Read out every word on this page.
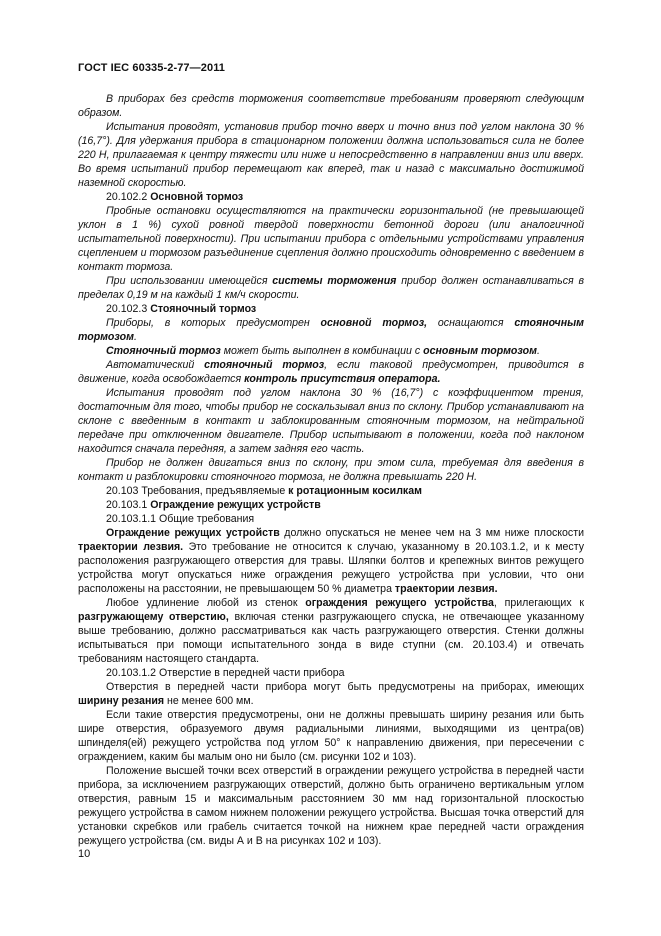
ГОСТ IEC 60335-2-77—2011

В приборах без средств торможения соответствие требованиям проверяют следующим образом.

Испытания проводят, установив прибор точно вверх и точно вниз под углом наклона 30 % (16,7°). Для удержания прибора в стационарном положении должна использоваться сила не более 220 Н, прилагаемая к центру тяжести или ниже и непосредственно в направлении вниз или вверх. Во время испытаний прибор перемещают как вперед, так и назад с максимально достижимой наземной скоростью.

20.102.2 Основной тормоз

Пробные остановки осуществляются на практически горизонтальной (не превышающей уклон в 1 %) сухой ровной твердой поверхности бетонной дороги (или аналогичной испытательной поверхности). При испытании прибора с отдельными устройствами управления сцеплением и тормозом разъединение сцепления должно происходить одновременно с введением в контакт тормоза.

При использовании имеющейся системы торможения прибор должен останавливаться в пределах 0,19 м на каждый 1 км/ч скорости.

20.102.3 Стояночный тормоз

Приборы, в которых предусмотрен основной тормоз, оснащаются стояночным тормозом.

Стояночный тормоз может быть выполнен в комбинации с основным тормозом.

Автоматический стояночный тормоз, если таковой предусмотрен, приводится в движение, когда освобождается контроль присутствия оператора.

Испытания проводят под углом наклона 30 % (16,7°) с коэффициентом трения, достаточным для того, чтобы прибор не соскальзывал вниз по склону. Прибор устанавливают на склоне с введенным в контакт и заблокированным стояночным тормозом, на нейтральной передаче при отключенном двигателе. Прибор испытывают в положении, когда под наклоном находится сначала передняя, а затем задняя его часть.

Прибор не должен двигаться вниз по склону, при этом сила, требуемая для введения в контакт и разблокировки стояночного тормоза, не должна превышать 220 Н.

20.103 Требования, предъявляемые к ротационным косилкам

20.103.1 Ограждение режущих устройств

20.103.1.1 Общие требования

Ограждение режущих устройств должно опускаться не менее чем на 3 мм ниже плоскости траектории лезвия. Это требование не относится к случаю, указанному в 20.103.1.2, и к месту расположения разгружающего отверстия для травы. Шляпки болтов и крепежных винтов режущего устройства могут опускаться ниже ограждения режущего устройства при условии, что они расположены на расстоянии, не превышающем 50 % диаметра траектории лезвия.

Любое удлинение любой из стенок ограждения режущего устройства, прилегающих к разгружающему отверстию, включая стенки разгружающего спуска, не отвечающее указанному выше требованию, должно рассматриваться как часть разгружающего отверстия. Стенки должны испытываться при помощи испытательного зонда в виде ступни (см. 20.103.4) и отвечать требованиям настоящего стандарта.

20.103.1.2 Отверстие в передней части прибора

Отверстия в передней части прибора могут быть предусмотрены на приборах, имеющих ширину резания не менее 600 мм.

Если такие отверстия предусмотрены, они не должны превышать ширину резания или быть шире отверстия, образуемого двумя радиальными линиями, выходящими из центра(ов) шпинделя(ей) режущего устройства под углом 50° к направлению движения, при пересечении с ограждением, каким бы малым оно ни было (см. рисунки 102 и 103).

Положение высшей точки всех отверстий в ограждении режущего устройства в передней части прибора, за исключением разгружающих отверстий, должно быть ограничено вертикальным углом отверстия, равным 15 и максимальным расстоянием 30 мм над горизонтальной плоскостью режущего устройства в самом нижнем положении режущего устройства. Высшая точка отверстий для установки скребков или грабель считается точкой на нижнем крае передней части ограждения режущего устройства (см. виды А и В на рисунках 102 и 103).

10
